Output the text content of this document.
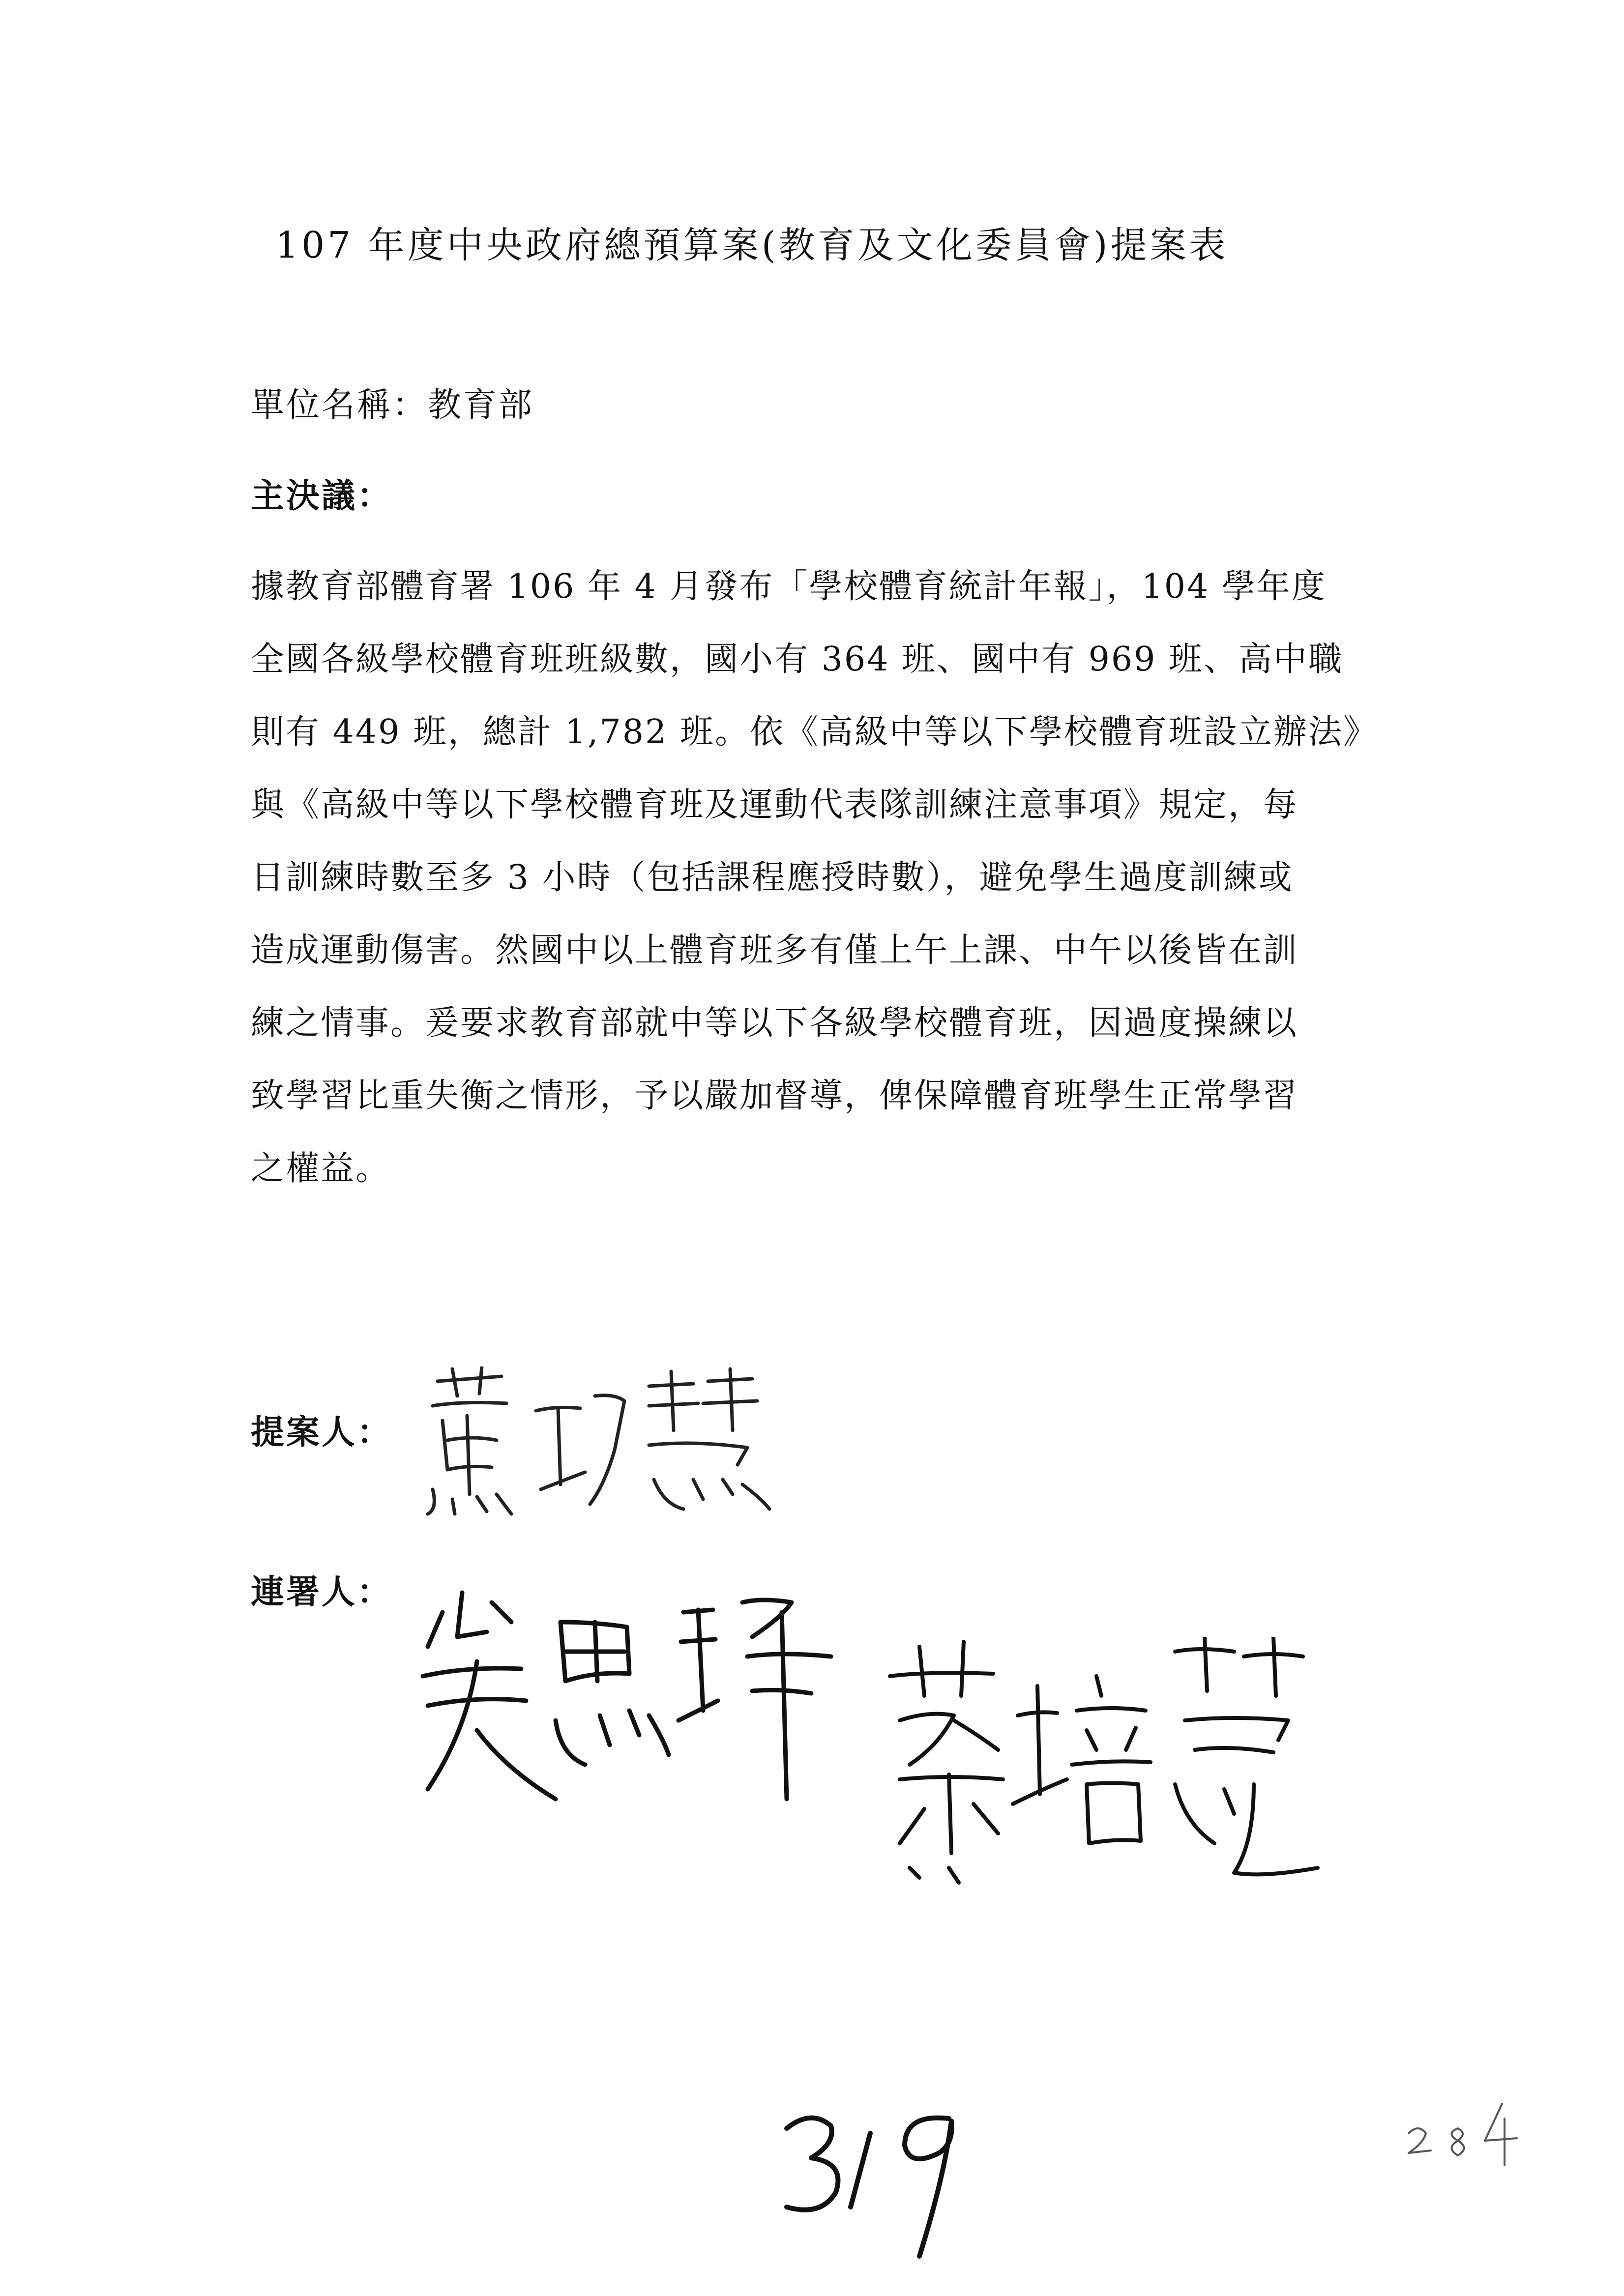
107 年度中央政府總預算案(教育及文化委員會)提案表
單位名稱：教育部
主決議：
據教育部體育署 106 年 4 月發布「學校體育統計年報」，104 學年度
全國各級學校體育班班級數，國小有 364 班、國中有 969 班、高中職
則有 449 班，總計 1,782 班。依《高級中等以下學校體育班設立辦法》
與《高級中等以下學校體育班及運動代表隊訓練注意事項》規定，每
日訓練時數至多 3 小時（包括課程應授時數），避免學生過度訓練或
造成運動傷害。然國中以上體育班多有僅上午上課、中午以後皆在訓
練之情事。爰要求教育部就中等以下各級學校體育班，因過度操練以
致學習比重失衡之情形，予以嚴加督導，俾保障體育班學生正常學習
之權益。
提案人：
連署人：
